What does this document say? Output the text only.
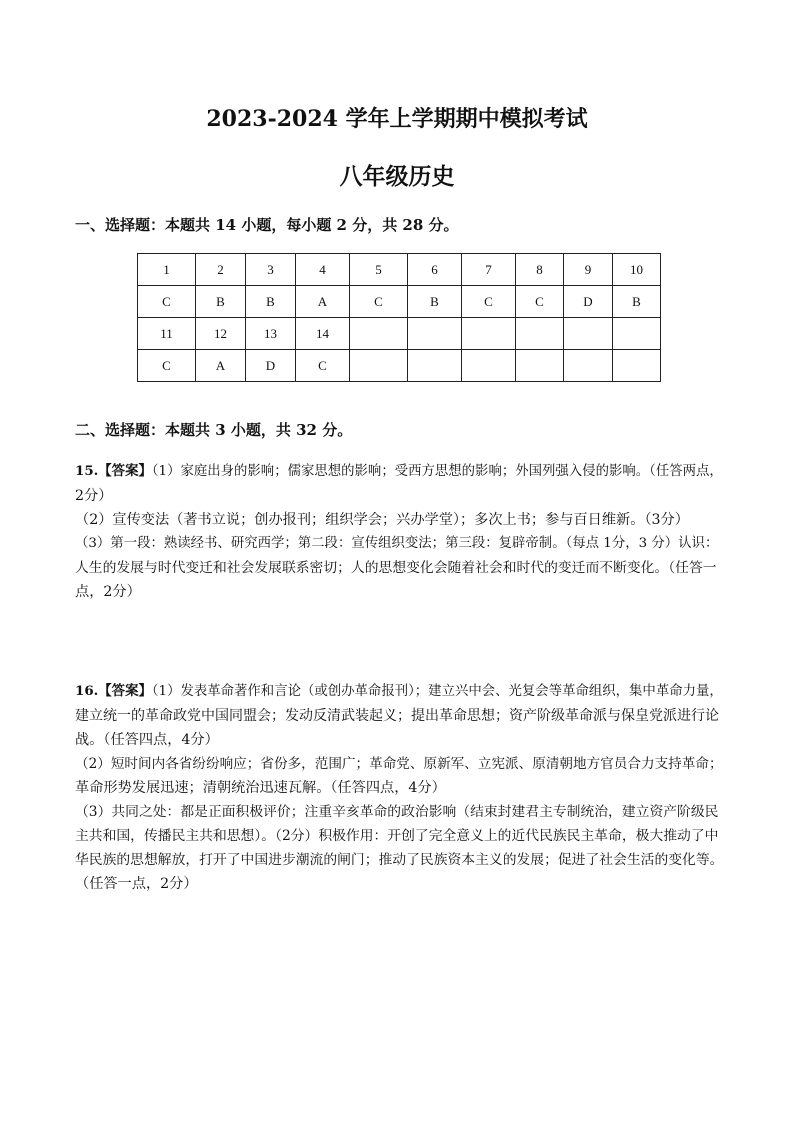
2023-2024 学年上学期期中模拟考试
八年级历史
一、选择题：本题共 14 小题，每小题 2 分，共 28 分。
1	2	3	4	5	6	7	8	9	10
C	B	B	A	C	B	C	C	D	B
11	12	13	14						
C	A	D	C						
二、选择题：本题共 3 小题，共 32 分。
15.【答案】（1）家庭出身的影响；儒家思想的影响；受西方思想的影响；外国列强入侵的影响。（任答两点，
2分）
（2）宣传变法（著书立说；创办报刊；组织学会；兴办学堂）；多次上书；参与百日维新。（3分）
（3）第一段：熟读经书、研究西学；第二段：宣传组织变法；第三段：复辟帝制。（每点 1分，3 分）认识：
人生的发展与时代变迁和社会发展联系密切；人的思想变化会随着社会和时代的变迁而不断变化。（任答一
点，2分）
16.【答案】（1）发表革命著作和言论（或创办革命报刊）；建立兴中会、光复会等革命组织，集中革命力量，
建立统一的革命政党中国同盟会；发动反清武装起义；提出革命思想；资产阶级革命派与保皇党派进行论
战。（任答四点，4分）
（2）短时间内各省纷纷响应；省份多，范围广；革命党、原新军、立宪派、原清朝地方官员合力支持革命；
革命形势发展迅速；清朝统治迅速瓦解。（任答四点，4分）
（3）共同之处：都是正面积极评价；注重辛亥革命的政治影响（结束封建君主专制统治，建立资产阶级民
主共和国，传播民主共和思想）。（2分）积极作用：开创了完全意义上的近代民族民主革命，极大推动了中
华民族的思想解放，打开了中国进步潮流的闸门；推动了民族资本主义的发展；促进了社会生活的变化等。
（任答一点，2分）
